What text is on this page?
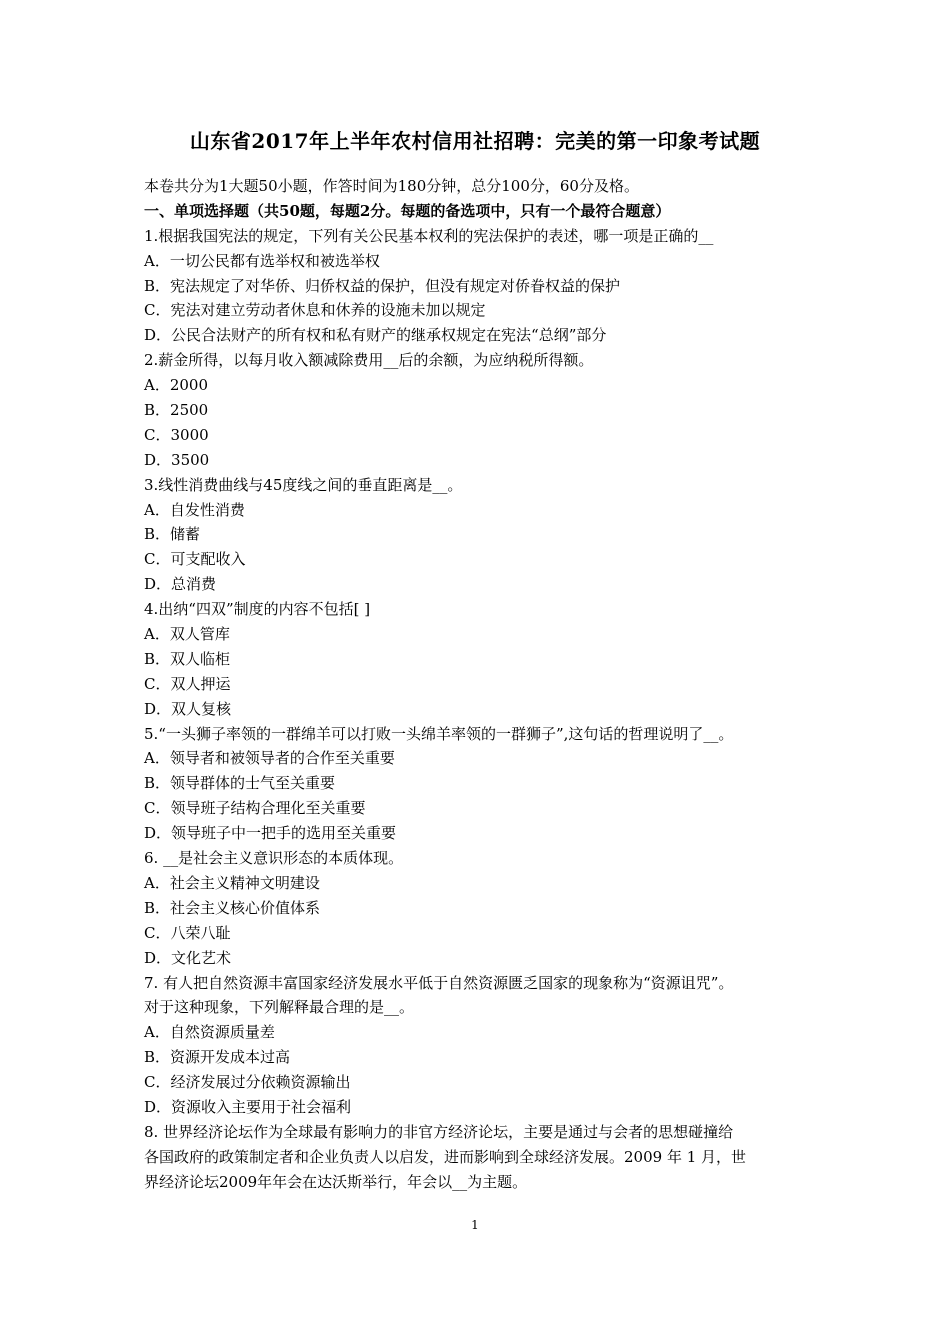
山东省2017年上半年农村信用社招聘：完美的第一印象考试题
本卷共分为1大题50小题，作答时间为180分钟，总分100分，60分及格。
一、单项选择题（共50题，每题2分。每题的备选项中，只有一个最符合题意）
1.根据我国宪法的规定，下列有关公民基本权利的宪法保护的表述，哪一项是正确的__
A．一切公民都有选举权和被选举权
B．宪法规定了对华侨、归侨权益的保护，但没有规定对侨眷权益的保护
C．宪法对建立劳动者休息和休养的设施未加以规定
D．公民合法财产的所有权和私有财产的继承权规定在宪法“总纲”部分
2.薪金所得，以每月收入额减除费用__后的余额，为应纳税所得额。
A．2000
B．2500
C．3000
D．3500
3.线性消费曲线与45度线之间的垂直距离是__。
A．自发性消费
B．储蓄
C．可支配收入
D．总消费
4.出纳“四双”制度的内容不包括[ ]
A．双人管库
B．双人临柜
C．双人押运
D．双人复核
5.“一头狮子率领的一群绵羊可以打败一头绵羊率领的一群狮子”,这句话的哲理说明了__。
A．领导者和被领导者的合作至关重要
B．领导群体的士气至关重要
C．领导班子结构合理化至关重要
D．领导班子中一把手的选用至关重要
6. __是社会主义意识形态的本质体现。
A．社会主义精神文明建设
B．社会主义核心价值体系
C．八荣八耻
D．文化艺术
7. 有人把自然资源丰富国家经济发展水平低于自然资源匮乏国家的现象称为“资源诅咒”。
对于这种现象，下列解释最合理的是__。
A．自然资源质量差
B．资源开发成本过高
C．经济发展过分依赖资源输出
D．资源收入主要用于社会福利
8. 世界经济论坛作为全球最有影响力的非官方经济论坛，主要是通过与会者的思想碰撞给
各国政府的政策制定者和企业负责人以启发，进而影响到全球经济发展。2009 年 1 月，世
界经济论坛2009年年会在达沃斯举行，年会以__为主题。
1
